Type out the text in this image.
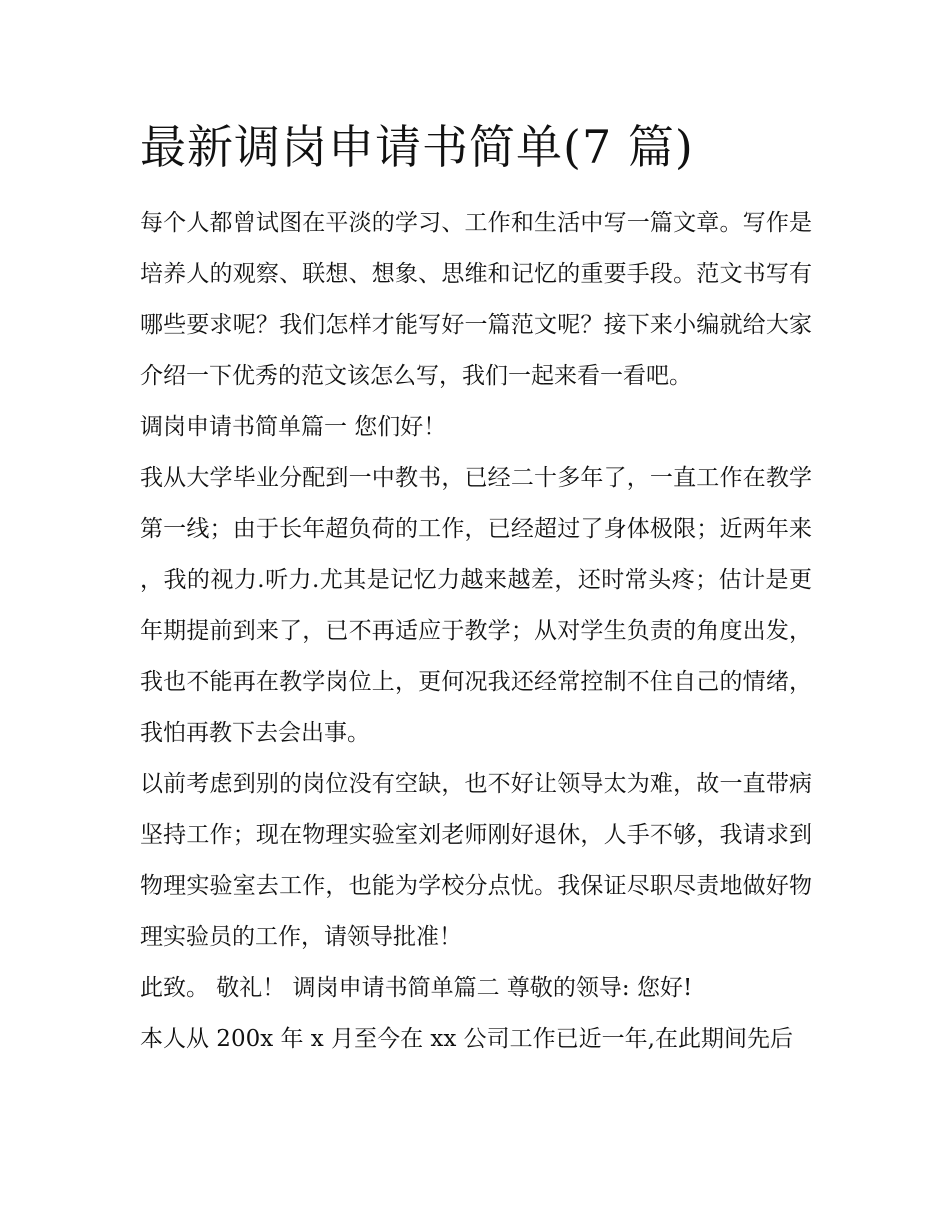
最新调岗申请书简单(7 篇)

每个人都曾试图在平淡的学习、工作和生活中写一篇文章。写作是培养人的观察、联想、想象、思维和记忆的重要手段。范文书写有哪些要求呢？我们怎样才能写好一篇范文呢？接下来小编就给大家介绍一下优秀的范文该怎么写，我们一起来看一看吧。

调岗申请书简单篇一 您们好！

我从大学毕业分配到一中教书，已经二十多年了，一直工作在教学第一线；由于长年超负荷的工作，已经超过了身体极限；近两年来，我的视力.听力.尤其是记忆力越来越差，还时常头疼；估计是更年期提前到来了，已不再适应于教学；从对学生负责的角度出发，我也不能再在教学岗位上，更何况我还经常控制不住自己的情绪，我怕再教下去会出事。

以前考虑到别的岗位没有空缺，也不好让领导太为难，故一直带病坚持工作；现在物理实验室刘老师刚好退休，人手不够，我请求到物理实验室去工作，也能为学校分点忧。我保证尽职尽责地做好物理实验员的工作，请领导批准！

此致。 敬礼！ 调岗申请书简单篇二 尊敬的领导: 您好!

本人从 200x 年 x 月至今在 xx 公司工作已近一年,在此期间先后
